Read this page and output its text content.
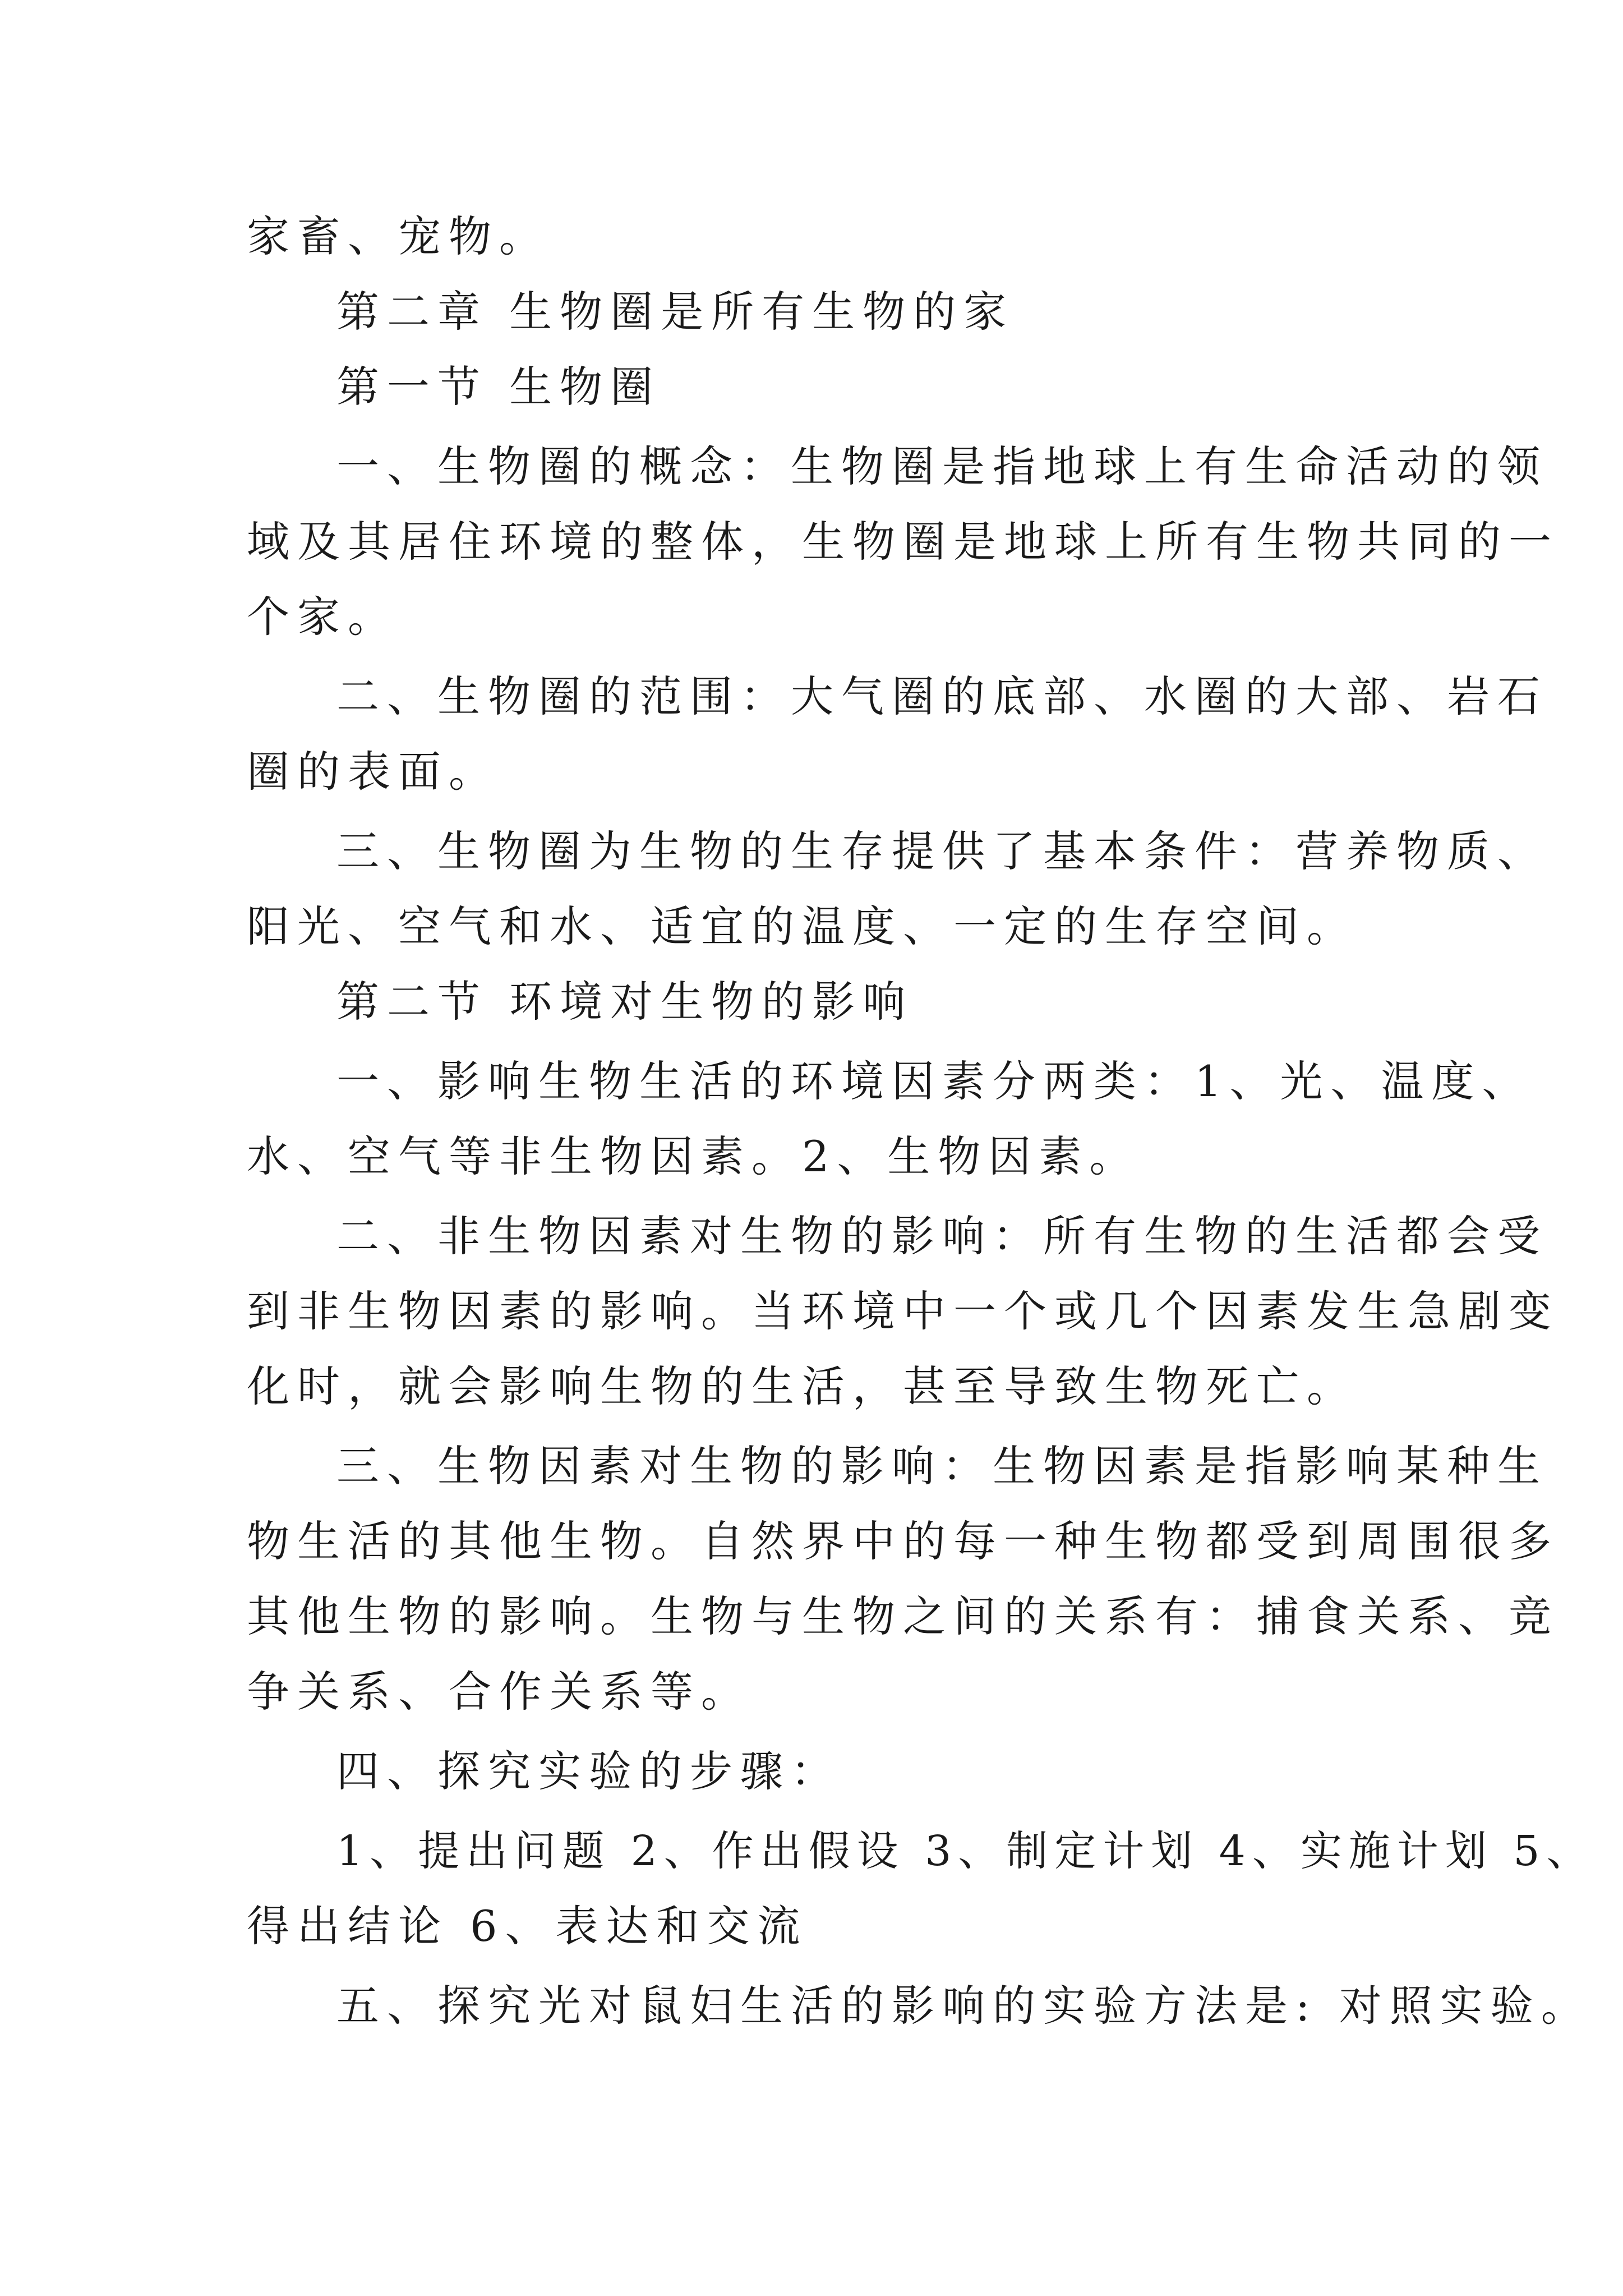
家畜、宠物。
第二章 生物圈是所有生物的家
第一节 生物圈
一、生物圈的概念：生物圈是指地球上有生命活动的领
域及其居住环境的整体，生物圈是地球上所有生物共同的一
个家。
二、生物圈的范围：大气圈的底部、水圈的大部、岩石
圈的表面。
三、生物圈为生物的生存提供了基本条件：营养物质、
阳光、空气和水、适宜的温度、一定的生存空间。
第二节 环境对生物的影响
一、影响生物生活的环境因素分两类：1、光、温度、
水、空气等非生物因素。2、生物因素。
二、非生物因素对生物的影响：所有生物的生活都会受
到非生物因素的影响。当环境中一个或几个因素发生急剧变
化时，就会影响生物的生活，甚至导致生物死亡。
三、生物因素对生物的影响：生物因素是指影响某种生
物生活的其他生物。自然界中的每一种生物都受到周围很多
其他生物的影响。生物与生物之间的关系有：捕食关系、竞
争关系、合作关系等。
四、探究实验的步骤：
1、提出问题 2、作出假设 3、制定计划 4、实施计划 5、
得出结论 6、表达和交流
五、探究光对鼠妇生活的影响的实验方法是: 对照实验。
